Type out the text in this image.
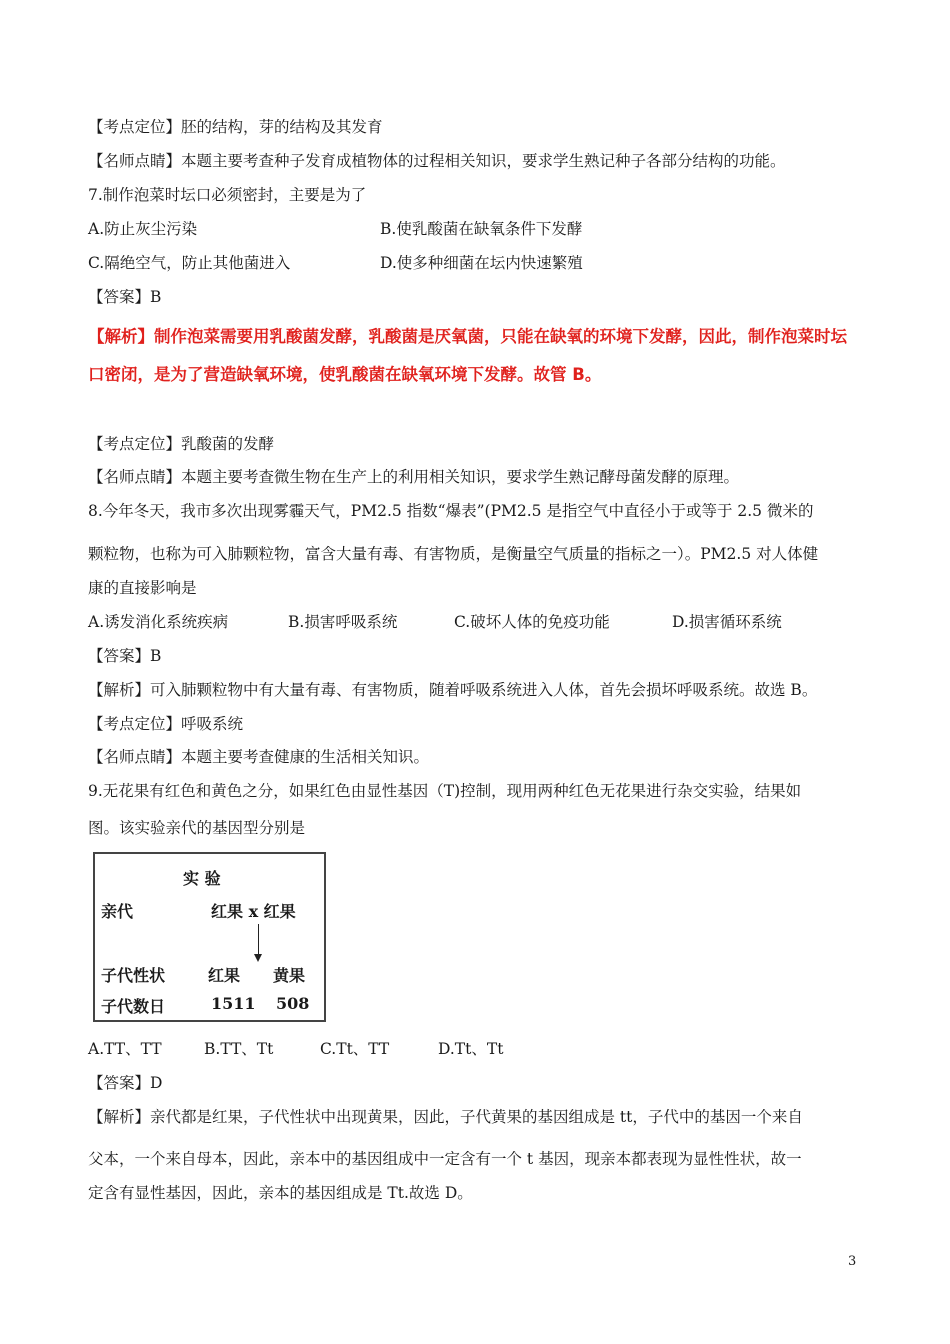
【考点定位】胚的结构，芽的结构及其发育
【名师点睛】本题主要考查种子发育成植物体的过程相关知识，要求学生熟记种子各部分结构的功能。
7.制作泡菜时坛口必须密封，主要是为了
A.防止灰尘污染	B.使乳酸菌在缺氧条件下发酵
C.隔绝空气，防止其他菌进入	D.使多种细菌在坛内快速繁殖
【答案】B
【解析】制作泡菜需要用乳酸菌发酵，乳酸菌是厌氧菌，只能在缺氧的环境下发酵，因此，制作泡菜时坛
口密闭，是为了营造缺氧环境，使乳酸菌在缺氧环境下发酵。故管 B。
【考点定位】乳酸菌的发酵
【名师点睛】本题主要考查微生物在生产上的利用相关知识，要求学生熟记酵母菌发酵的原理。
8.今年冬天，我市多次出现雾霾天气，PM2.5 指数“爆表”(PM2.5 是指空气中直径小于或等于 2.5 微米的
颗粒物，也称为可入肺颗粒物，富含大量有毒、有害物质，是衡量空气质量的指标之一）。PM2.5 对人体健
康的直接影响是
A.诱发消化系统疾病	B.损害呼吸系统	C.破坏人体的免疫功能	D.损害循环系统
【答案】B
【解析】可入肺颗粒物中有大量有毒、有害物质，随着呼吸系统进入人体，首先会损坏呼吸系统。故选 B。
【考点定位】呼吸系统
【名师点睛】本题主要考查健康的生活相关知识。
9.无花果有红色和黄色之分，如果红色由显性基因（T)控制，现用两种红色无花果进行杂交实验，结果如
图。该实验亲代的基因型分别是
实 验
亲代	红果 x 红果
子代性状	红果 黄果
子代数日	1511 508
A.TT、TT	B.TT、Tt	C.Tt、TT	D.Tt、Tt
【答案】D
【解析】亲代都是红果，子代性状中出现黄果，因此，子代黄果的基因组成是 tt，子代中的基因一个来自
父本，一个来自母本，因此，亲本中的基因组成中一定含有一个 t 基因，现亲本都表现为显性性状，故一
定含有显性基因，因此，亲本的基因组成是 Tt.故选 D。
3
